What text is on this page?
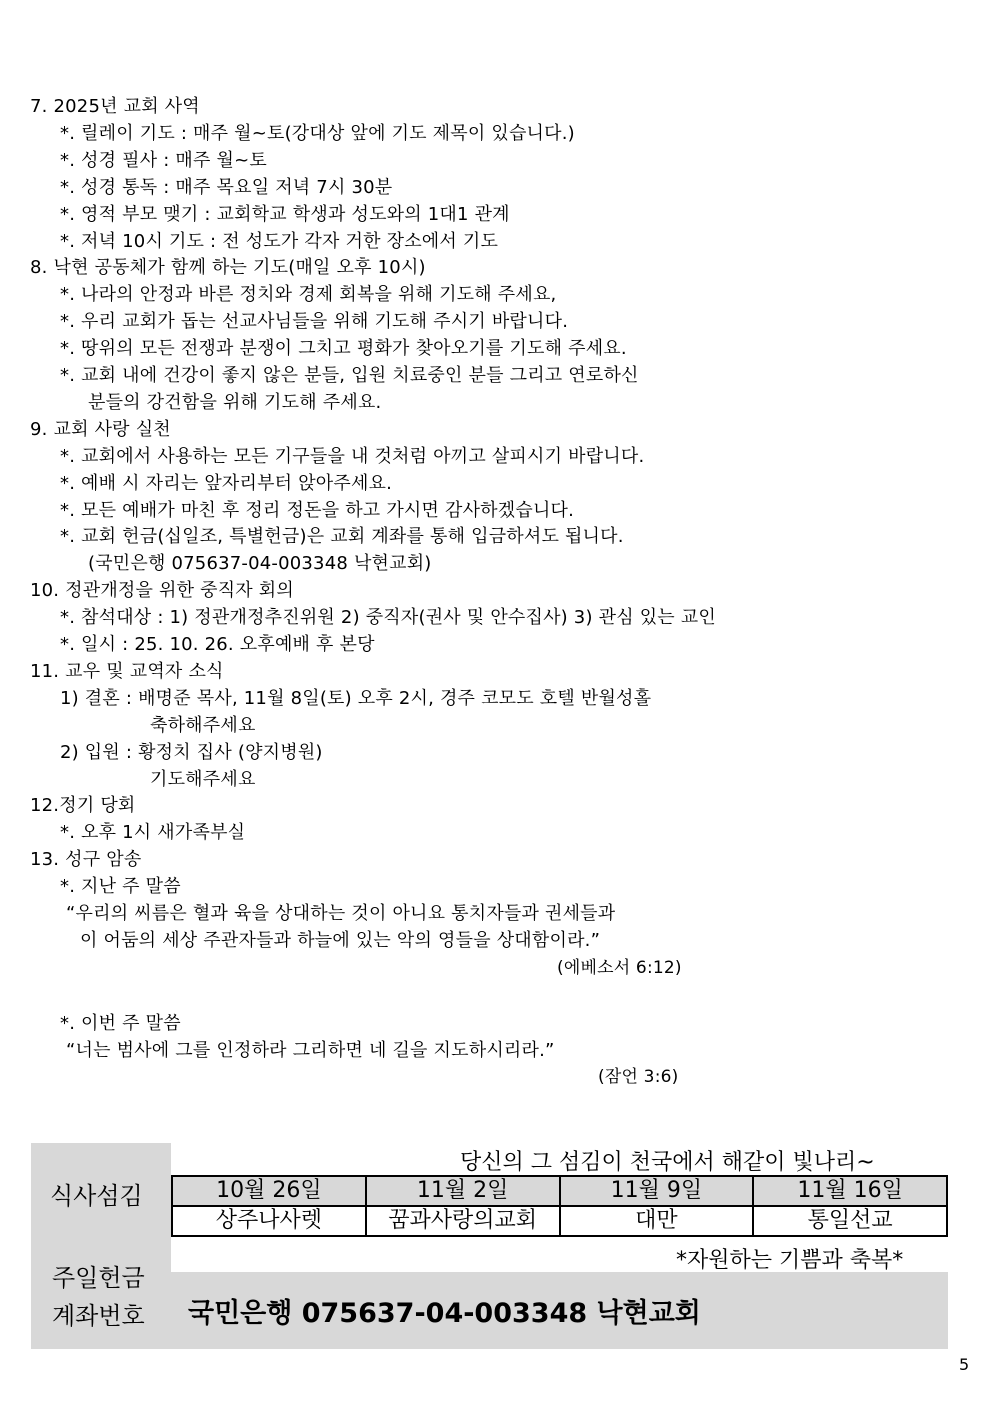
7. 2025년 교회 사역
*. 릴레이 기도 : 매주 월~토(강대상 앞에 기도 제목이 있습니다.)
*. 성경 필사 : 매주 월~토
*. 성경 통독 : 매주 목요일 저녁 7시 30분
*. 영적 부모 맺기 : 교회학교 학생과 성도와의 1대1 관계
*. 저녁 10시 기도 : 전 성도가 각자 거한 장소에서 기도
8. 낙현 공동체가 함께 하는 기도(매일 오후 10시)
*. 나라의 안정과 바른 정치와 경제 회복을 위해 기도해 주세요,
*. 우리 교회가 돕는 선교사님들을 위해 기도해 주시기 바랍니다.
*. 땅위의 모든 전쟁과 분쟁이 그치고 평화가 찾아오기를 기도해 주세요.
*. 교회 내에 건강이 좋지 않은 분들, 입원 치료중인 분들 그리고 연로하신
분들의 강건함을 위해 기도해 주세요.
9. 교회 사랑 실천
*. 교회에서 사용하는 모든 기구들을 내 것처럼 아끼고 살피시기 바랍니다.
*. 예배 시 자리는 앞자리부터 앉아주세요.
*. 모든 예배가 마친 후 정리 정돈을 하고 가시면 감사하겠습니다.
*. 교회 헌금(십일조, 특별헌금)은 교회 계좌를 통해 입금하셔도 됩니다.
(국민은행 075637-04-003348 낙현교회)
10. 정관개정을 위한 중직자 회의
*. 참석대상 : 1) 정관개정추진위원 2) 중직자(권사 및 안수집사) 3) 관심 있는 교인
*. 일시 : 25. 10. 26. 오후예배 후 본당
11. 교우 및 교역자 소식
1) 결혼 : 배명준 목사, 11월 8일(토) 오후 2시, 경주 코모도 호텔 반월성홀
축하해주세요
2) 입원 : 황정치 집사 (양지병원)
기도해주세요
12.정기 당회
*. 오후 1시 새가족부실
13. 성구 암송
*. 지난 주 말씀
“우리의 씨름은 혈과 육을 상대하는 것이 아니요 통치자들과 권세들과
이 어둠의 세상 주관자들과 하늘에 있는 악의 영들을 상대함이라.”
(에베소서 6:12)
*. 이번 주 말씀
“너는 범사에 그를 인정하라 그리하면 네 길을 지도하시리라.”
(잠언 3:6)
식사섬김
당신의 그 섬김이 천국에서 해같이 빛나리~
10월 26일	11월 2일	11월 9일	11월 16일
상주나사렛	꿈과사랑의교회	대만	통일선교
*자원하는 기쁨과 축복*
주일헌금
계좌번호 국민은행 075637-04-003348 낙현교회
5
